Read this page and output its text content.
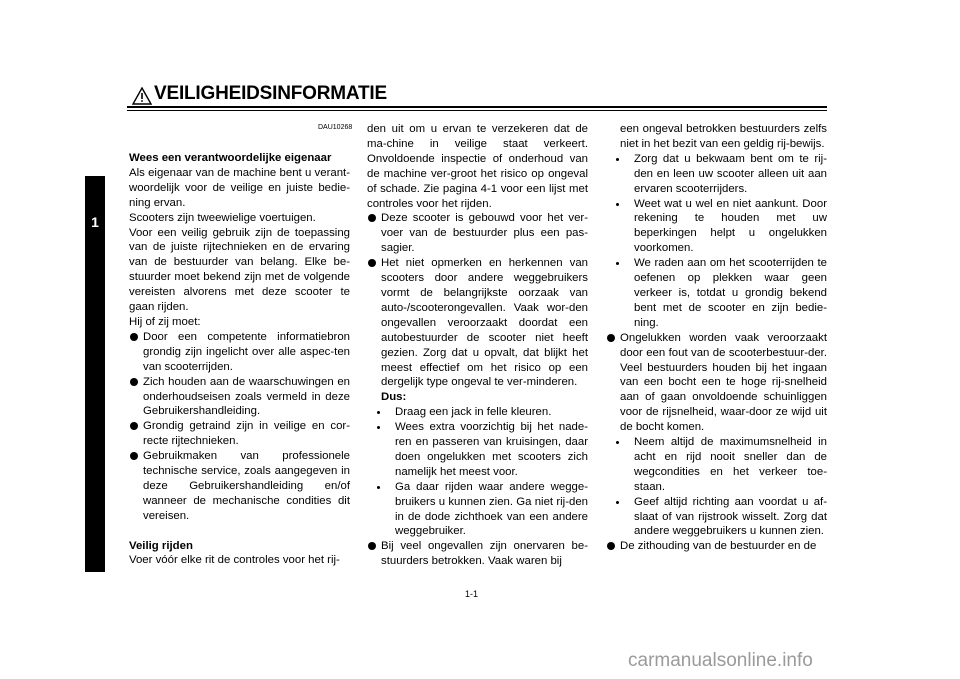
1
VEILIGHEIDSINFORMATIE
DAU10268

Wees een verantwoordelijke eigenaar

Als eigenaar van de machine bent u verant-woordelijk voor de veilige en juiste bedie-ning ervan.

Scooters zijn tweewielige voertuigen.

Voor een veilig gebruik zijn de toepassing van de juiste rijtechnieken en de ervaring van de bestuurder van belang. Elke be-stuurder moet bekend zijn met de volgende vereisten alvorens met deze scooter te gaan rijden.

Hij of zij moet:

Door een competente informatiebron grondig zijn ingelicht over alle aspec-ten van scooterrijden.

Zich houden aan de waarschuwingen en onderhoudseisen zoals vermeld in deze Gebruikershandleiding.

Grondig getraind zijn in veilige en cor-recte rijtechnieken.

Gebruikmaken van professionele technische service, zoals aangegeven in deze Gebruikershandleiding en/of wanneer de mechanische condities dit vereisen.

Veilig rijden

Voer vóór elke rit de controles voor het rij-

den uit om u ervan te verzekeren dat de ma-chine in veilige staat verkeert. Onvoldoende inspectie of onderhoud van de machine ver-groot het risico op ongeval of schade. Zie pagina 4-1 voor een lijst met controles voor het rijden.

Deze scooter is gebouwd voor het ver-voer van de bestuurder plus een pas-sagier.

Het niet opmerken en herkennen van scooters door andere weggebruikers vormt de belangrijkste oorzaak van auto-/scooterongevallen. Vaak wor-den ongevallen veroorzaakt doordat een autobestuurder de scooter niet heeft gezien. Zorg dat u opvalt, dat blijkt het meest effectief om het risico op een dergelijk type ongeval te ver-minderen.

Dus:

Draag een jack in felle kleuren.

Wees extra voorzichtig bij het nade-ren en passeren van kruisingen, daar doen ongelukken met scooters zich namelijk het meest voor.

Ga daar rijden waar andere wegge-bruikers u kunnen zien. Ga niet rij-den in de dode zichthoek van een andere weggebruiker.

Bij veel ongevallen zijn onervaren be-stuurders betrokken. Vaak waren bij

een ongeval betrokken bestuurders zelfs niet in het bezit van een geldig rij-bewijs.

Zorg dat u bekwaam bent om te rij-den en leen uw scooter alleen uit aan ervaren scooterrijders.

Weet wat u wel en niet aankunt. Door rekening te houden met uw beperkingen helpt u ongelukken voorkomen.

We raden aan om het scooterrijden te oefenen op plekken waar geen verkeer is, totdat u grondig bekend bent met de scooter en zijn bedie-ning.

Ongelukken worden vaak veroorzaakt door een fout van de scooterbestuur-der. Veel bestuurders houden bij het ingaan van een bocht een te hoge rij-snelheid aan of gaan onvoldoende schuinliggen voor de rijsnelheid, waar-door ze wijd uit de bocht komen.

Neem altijd de maximumsnelheid in acht en rijd nooit sneller dan de wegcondities en het verkeer toe-staan.

Geef altijd richting aan voordat u af-slaat of van rijstrook wisselt. Zorg dat andere weggebruikers u kunnen zien.

De zithouding van de bestuurder en de

1-1
carmanualsonline.info
